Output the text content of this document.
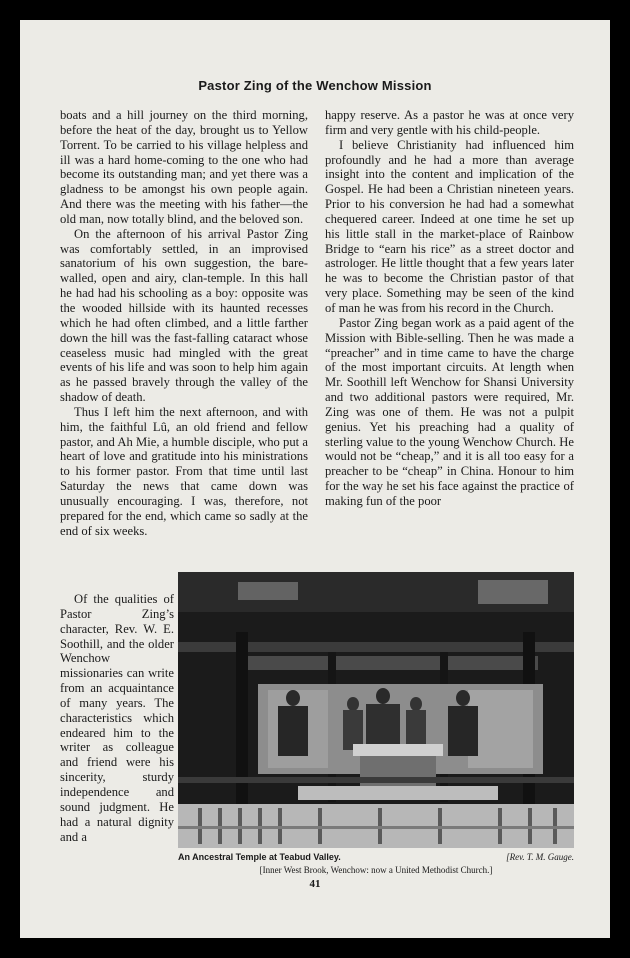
Pastor Zing of the Wenchow Mission

boats and a hill journey on the third morning, before the heat of the day, brought us to Yellow Torrent. To be carried to his village helpless and ill was a hard home-coming to the one who had become its outstanding man; and yet there was a gladness to be amongst his own people again. And there was the meeting with his father—the old man, now totally blind, and the beloved son.

On the afternoon of his arrival Pastor Zing was comfortably settled, in an improvised sanatorium of his own suggestion, the bare-walled, open and airy, clan-temple. In this hall he had had his schooling as a boy: opposite was the wooded hillside with its haunted recesses which he had often climbed, and a little farther down the hill was the fast-falling cataract whose ceaseless music had mingled with the great events of his life and was soon to help him again as he passed bravely through the valley of the shadow of death.

Thus I left him the next afternoon, and with him, the faithful Lû, an old friend and fellow pastor, and Ah Mie, a humble disciple, who put a heart of love and gratitude into his ministrations to his former pastor. From that time until last Saturday the news that came down was unusually encouraging. I was, therefore, not prepared for the end, which came so sadly at the end of six weeks.

happy reserve. As a pastor he was at once very firm and very gentle with his child-people.

I believe Christianity had influenced him profoundly and he had a more than average insight into the content and implication of the Gospel. He had been a Christian nineteen years. Prior to his conversion he had had a somewhat chequered career. Indeed at one time he set up his little stall in the market-place of Rainbow Bridge to “earn his rice” as a street doctor and astrologer. He little thought that a few years later he was to become the Christian pastor of that very place. Something may be seen of the kind of man he was from his record in the Church.

Pastor Zing began work as a paid agent of the Mission with Bible-selling. Then he was made a “preacher” and in time came to have the charge of the most important circuits. At length when Mr. Soothill left Wenchow for Shansi University and two additional pastors were required, Mr. Zing was one of them. He was not a pulpit genius. Yet his preaching had a quality of sterling value to the young Wenchow Church. He would not be “cheap,” and it is all too easy for a preacher to be “cheap” in China. Honour to him for the way he set his face against the practice of making fun of the poor

Of the qualities of Pastor Zing’s character, Rev. W. E. Soothill, and the older Wenchow missionaries can write from an acquaintance of many years. The characteristics which endeared him to the writer as colleague and friend were his sincerity, sturdy independence and sound judgment. He had a natural dignity and a

An Ancestral Temple at Teabud Valley.	[Rev. T. M. Gauge.
[Inner West Brook, Wenchow: now a United Methodist Church.]
41
